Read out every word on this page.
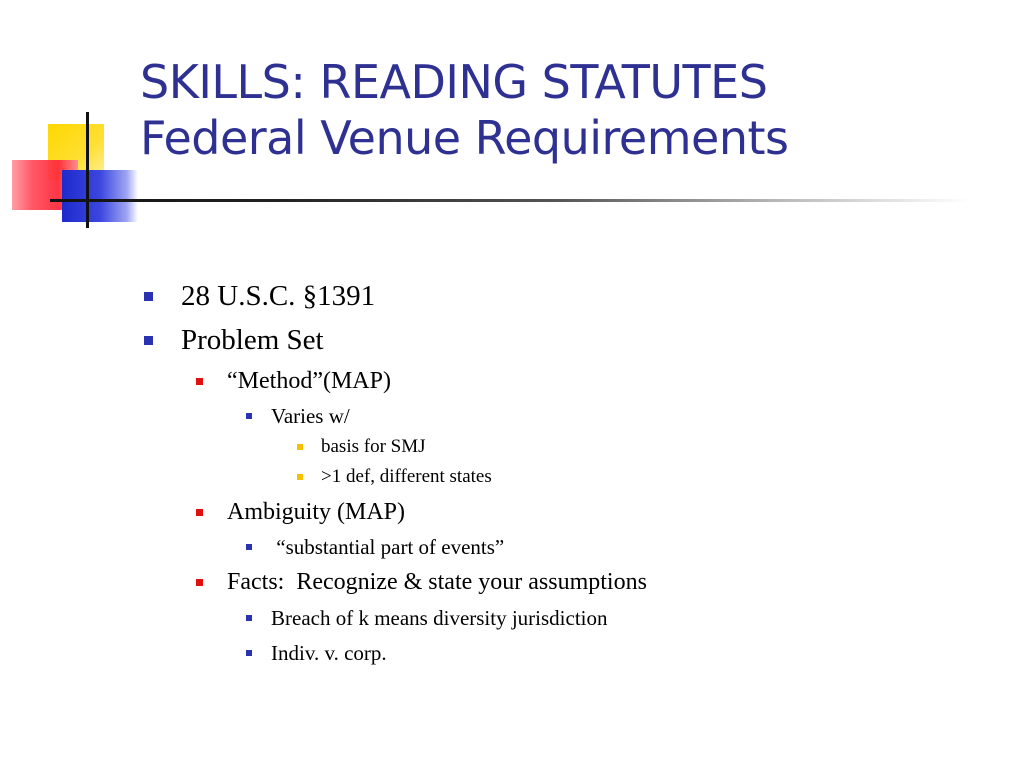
SKILLS: READING STATUTES
Federal Venue Requirements
28 U.S.C. §1391
Problem Set
“Method”(MAP)
Varies w/
basis for SMJ
>1 def, different states
Ambiguity (MAP)
“substantial part of events”
Facts:  Recognize & state your assumptions
Breach of k means diversity jurisdiction
Indiv. v. corp.
